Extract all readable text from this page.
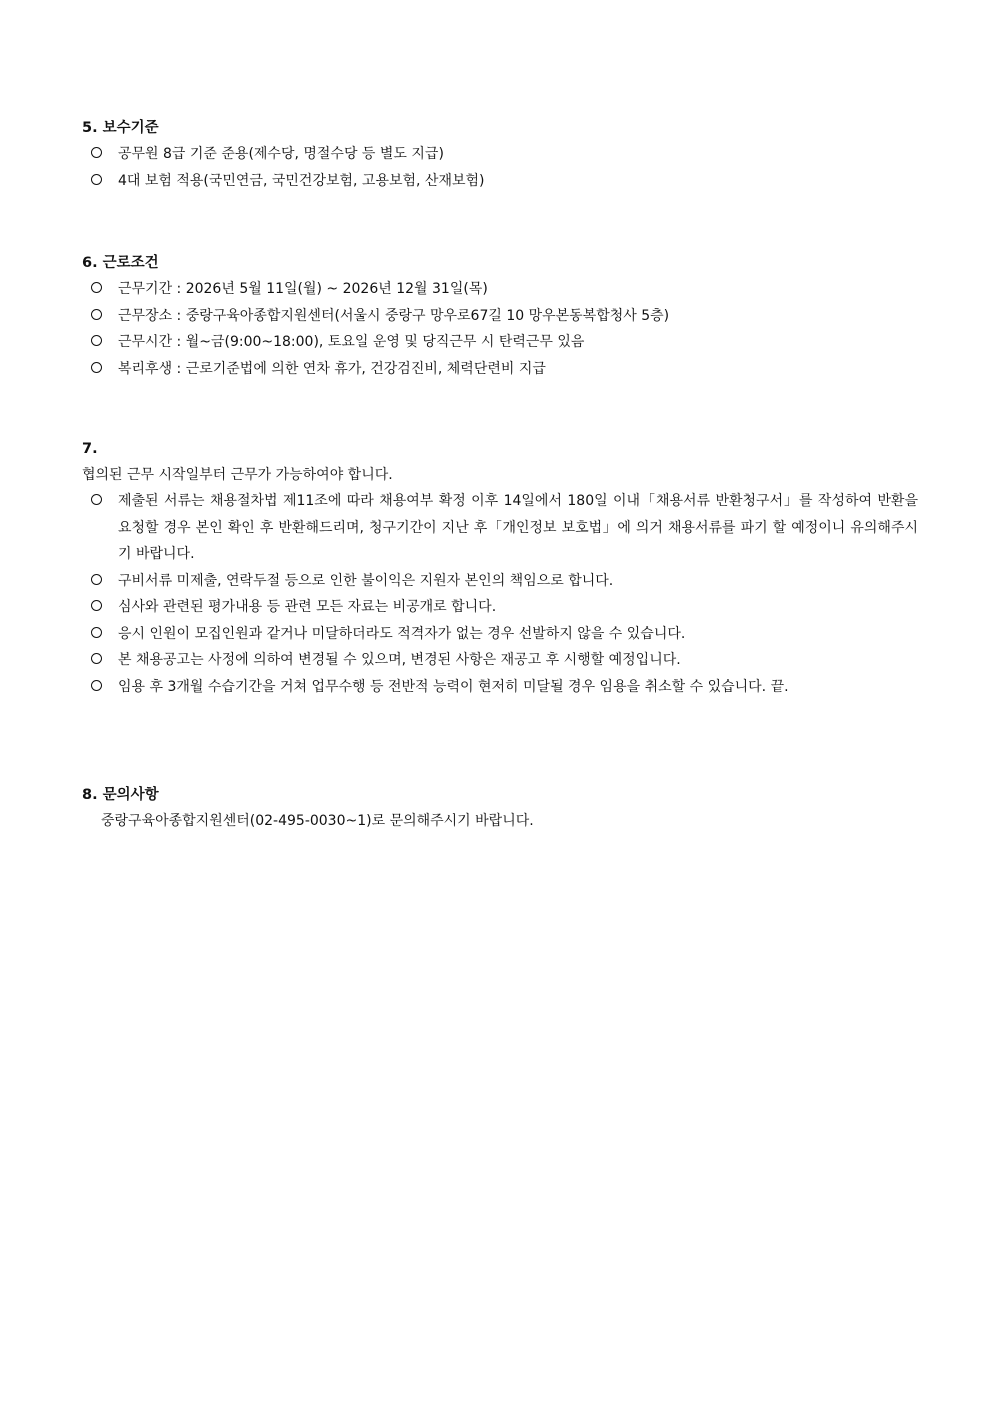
5. 보수기준
공무원 8급 기준 준용(제수당, 명절수당 등 별도 지급)
4대 보험 적용(국민연금, 국민건강보험, 고용보험, 산재보험)
6. 근로조건
근무기간 : 2026년 5월 11일(월) ~ 2026년 12월 31일(목)
근무장소 : 중랑구육아종합지원센터(서울시 중랑구 망우로67길 10 망우본동복합청사 5층)
근무시간 : 월~금(9:00~18:00), 토요일 운영 및 당직근무 시 탄력근무 있음
복리후생 : 근로기준법에 의한 연차 휴가, 건강검진비, 체력단련비 지급
7.
협의된 근무 시작일부터 근무가 가능하여야 합니다.
제출된 서류는 채용절차법 제11조에 따라 채용여부 확정 이후 14일에서 180일 이내「채용서류 반환청구서」를 작성하여 반환을 요청할 경우 본인 확인 후 반환해드리며, 청구기간이 지난 후「개인정보 보호법」에 의거 채용서류를 파기 할 예정이니 유의해주시기 바랍니다.
구비서류 미제출, 연락두절 등으로 인한 불이익은 지원자 본인의 책임으로 합니다.
심사와 관련된 평가내용 등 관련 모든 자료는 비공개로 합니다.
응시 인원이 모집인원과 같거나 미달하더라도 적격자가 없는 경우 선발하지 않을 수 있습니다.
본 채용공고는 사정에 의하여 변경될 수 있으며, 변경된 사항은 재공고 후 시행할 예정입니다.
임용 후 3개월 수습기간을 거쳐 업무수행 등 전반적 능력이 현저히 미달될 경우 임용을 취소할 수 있습니다. 끝.
8. 문의사항
중랑구육아종합지원센터(02-495-0030~1)로 문의해주시기 바랍니다.
